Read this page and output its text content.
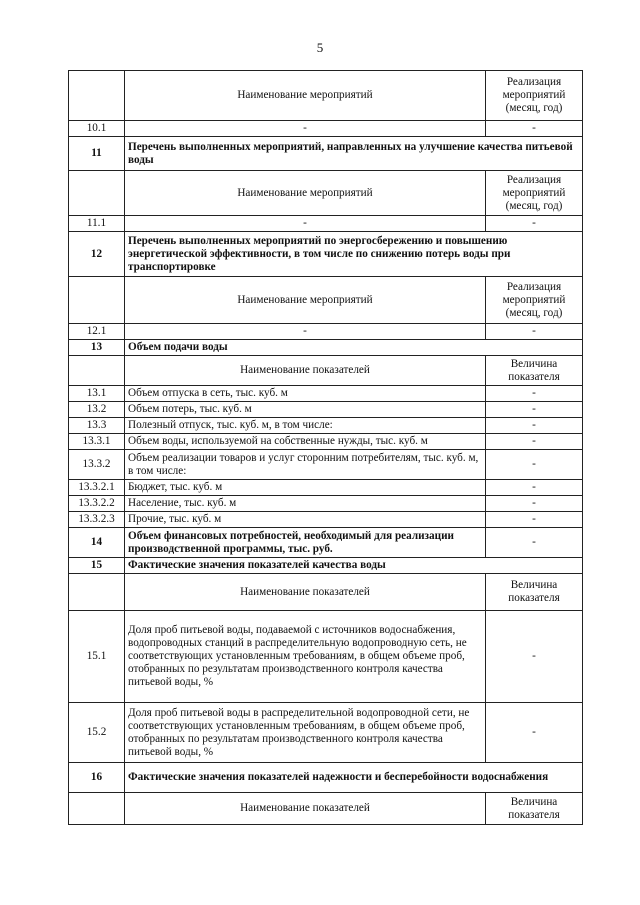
5
	Наименование мероприятий	Реализация мероприятий (месяц, год)
10.1	-	-
11	Перечень выполненных мероприятий, направленных на улучшение качества питьевой воды	
	Наименование мероприятий	Реализация мероприятий (месяц, год)
11.1	-	-
12	Перечень выполненных мероприятий по энергосбережению и повышению энергетической эффективности, в том числе по снижению потерь воды при транспортировке	
	Наименование мероприятий	Реализация мероприятий (месяц, год)
12.1	-	-
13	Объем подачи воды	
	Наименование показателей	Величина показателя
13.1	Объем отпуска в сеть, тыс. куб. м	-
13.2	Объем потерь, тыс. куб. м	-
13.3	Полезный отпуск, тыс. куб. м, в том числе:	-
13.3.1	Объем воды, используемой на собственные нужды, тыс. куб. м	-
13.3.2	Объем реализации товаров и услуг сторонним потребителям, тыс. куб. м, в том числе:	-
13.3.2.1	Бюджет, тыс. куб. м	-
13.3.2.2	Население, тыс. куб. м	-
13.3.2.3	Прочие, тыс. куб. м	-
14	Объем финансовых потребностей, необходимый для реализации производственной программы, тыс. руб.	-
15	Фактические значения показателей качества воды	
	Наименование показателей	Величина показателя
15.1	Доля проб питьевой воды, подаваемой с источников водоснабжения, водопроводных станций в распределительную водопроводную сеть, не соответствующих установленным требованиям, в общем объеме проб, отобранных по результатам производственного контроля качества питьевой воды, %	-
15.2	Доля проб питьевой воды в распределительной водопроводной сети, не соответствующих установленным требованиям, в общем объеме проб, отобранных по результатам производственного контроля качества питьевой воды, %	-
16	Фактические значения показателей надежности и бесперебойности водоснабжения	
	Наименование показателей	Величина показателя
